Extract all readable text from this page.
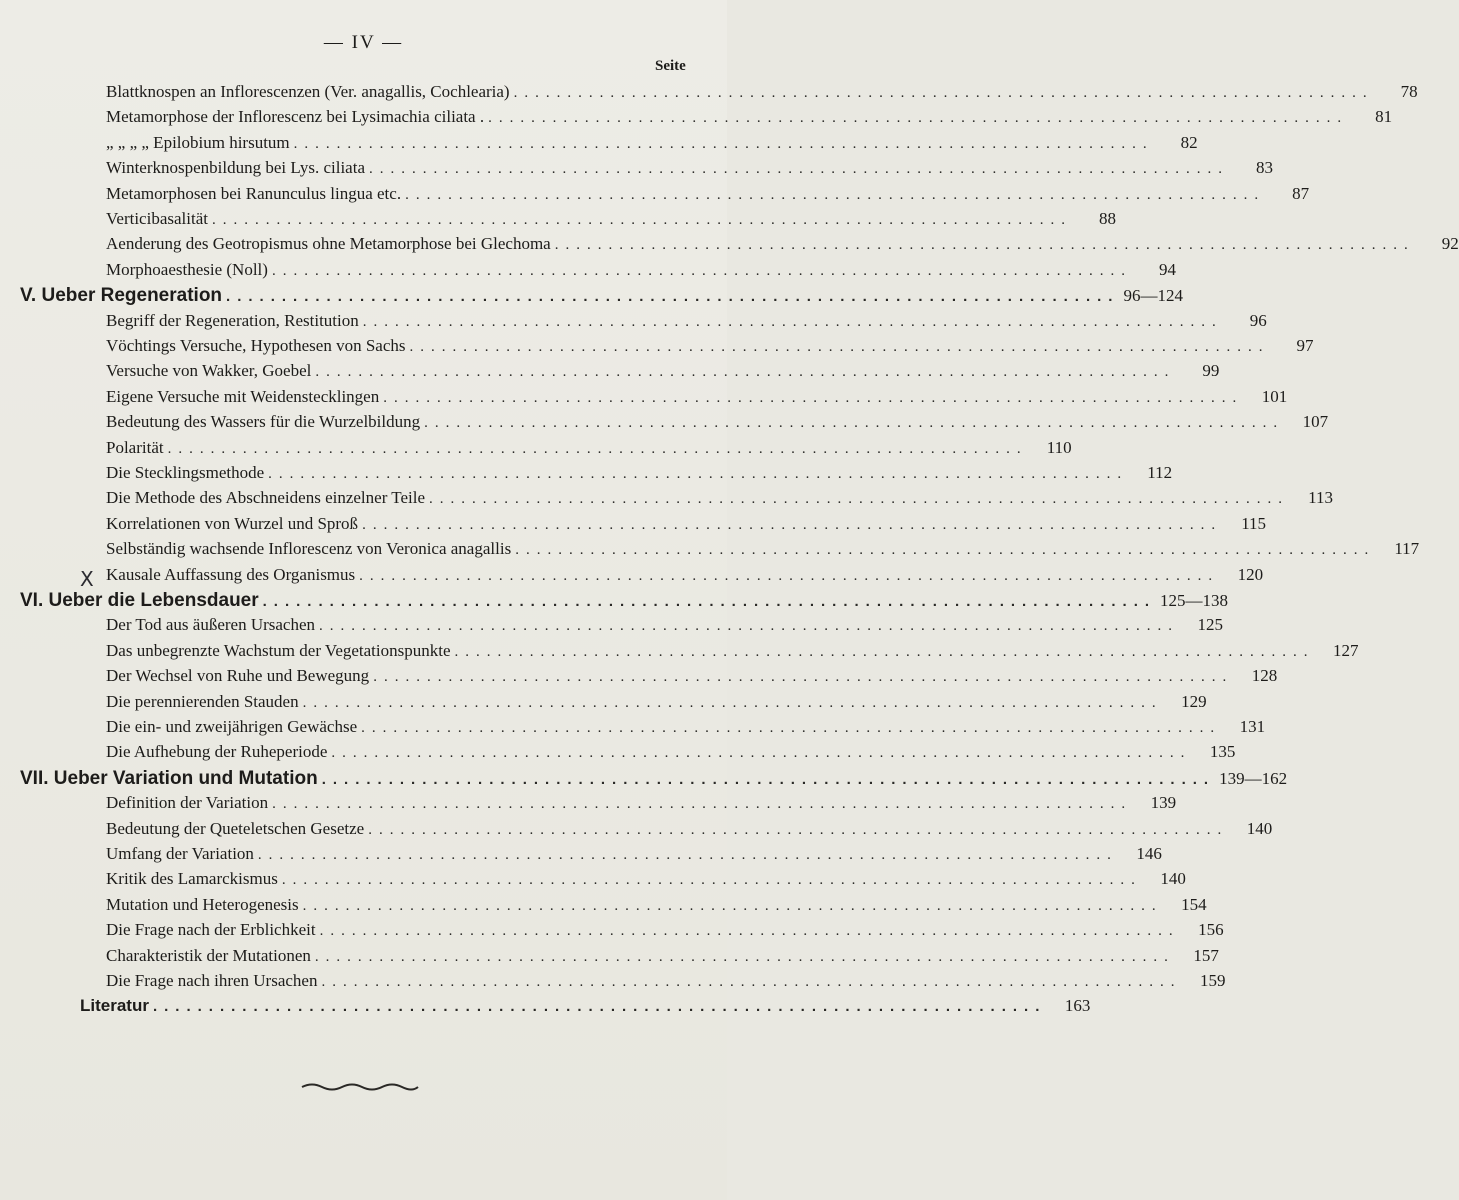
— IV —
Seite
X
Blattknospen an Inflorescenzen (Ver. anagallis, Cochlearia) ................................................................................	78
Metamorphose der Inflorescenz bei Lysimachia ciliata . ................................................................................	81
„ „ „ „ Epilobium hirsutum ................................................................................	82
Winterknospenbildung bei Lys. ciliata ................................................................................	83
Metamorphosen bei Ranunculus lingua etc. ................................................................................	87
Verticibasalität ................................................................................	88
Aenderung des Geotropismus ohne Metamorphose bei Glechoma ................................................................................	92
Morphoaesthesie (Noll) ................................................................................	94
V. Ueber Regeneration ................................................................................ 96—124
Begriff der Regeneration, Restitution ................................................................................	96
Vöchtings Versuche, Hypothesen von Sachs ................................................................................	97
Versuche von Wakker, Goebel ................................................................................	99
Eigene Versuche mit Weidenstecklingen ................................................................................	101
Bedeutung des Wassers für die Wurzelbildung ................................................................................	107
Polarität ................................................................................	110
Die Stecklingsmethode ................................................................................	112
Die Methode des Abschneidens einzelner Teile ................................................................................	113
Korrelationen von Wurzel und Sproß ................................................................................	115
Selbständig wachsende Inflorescenz von Veronica anagallis ................................................................................	117
Kausale Auffassung des Organismus ................................................................................	120
VI. Ueber die Lebensdauer ................................................................................ 125—138
Der Tod aus äußeren Ursachen ................................................................................	125
Das unbegrenzte Wachstum der Vegetationspunkte ................................................................................	127
Der Wechsel von Ruhe und Bewegung ................................................................................	128
Die perennierenden Stauden ................................................................................	129
Die ein- und zweijährigen Gewächse ................................................................................	131
Die Aufhebung der Ruheperiode ................................................................................	135
VII. Ueber Variation und Mutation ................................................................................ 139—162
Definition der Variation ................................................................................	139
Bedeutung der Queteletschen Gesetze ................................................................................	140
Umfang der Variation ................................................................................	146
Kritik des Lamarckismus ................................................................................	140
Mutation und Heterogenesis ................................................................................	154
Die Frage nach der Erblichkeit ................................................................................	156
Charakteristik der Mutationen ................................................................................	157
Die Frage nach ihren Ursachen ................................................................................	159
Literatur ................................................................................	163
